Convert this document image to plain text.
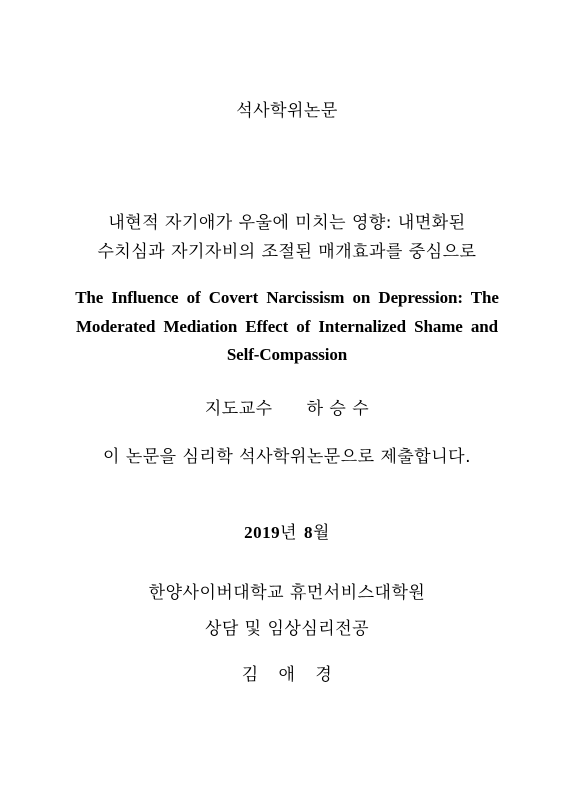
석사학위논문
내현적 자기애가 우울에 미치는 영향: 내면화된
수치심과 자기자비의 조절된 매개효과를 중심으로
The Influence of Covert Narcissism on Depression: The
Moderated Mediation Effect of Internalized Shame and
Self-Compassion
지도교수 하 승 수
이 논문을 심리학 석사학위논문으로 제출합니다.
2019년 8월
한양사이버대학교 휴먼서비스대학원
상담 및 임상심리전공
김 애 경
